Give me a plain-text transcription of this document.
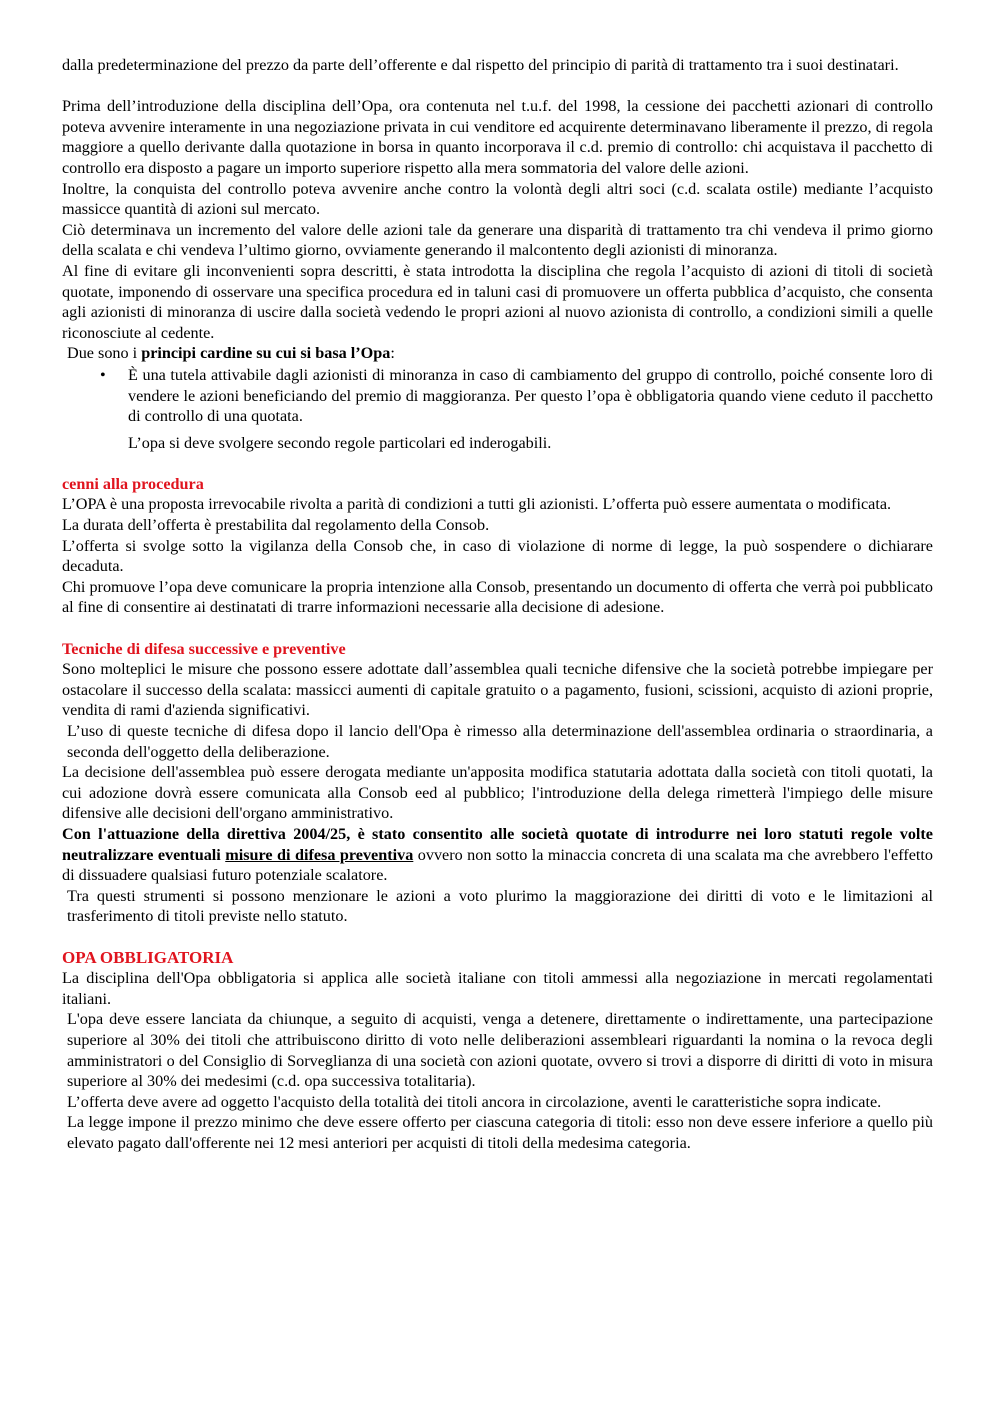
dalla predeterminazione del prezzo da parte dell’offerente e dal rispetto del principio di parità di trattamento tra i suoi destinatari.

Prima dell’introduzione della disciplina dell’Opa, ora contenuta nel t.u.f. del 1998, la cessione dei pacchetti azionari di controllo poteva avvenire interamente in una negoziazione privata in cui venditore ed acquirente determinavano liberamente il prezzo, di regola maggiore a quello derivante dalla quotazione in borsa in quanto incorporava il c.d. premio di controllo: chi acquistava il pacchetto di controllo era disposto a pagare un importo superiore rispetto alla mera sommatoria del valore delle azioni.

Inoltre, la conquista del controllo poteva avvenire anche contro la volontà degli altri soci (c.d. scalata ostile) mediante l’acquisto massicce quantità di azioni sul mercato.

Ciò determinava un incremento del valore delle azioni tale da generare una disparità di trattamento tra chi vendeva il primo giorno della scalata e chi vendeva l’ultimo giorno, ovviamente generando il malcontento degli azionisti di minoranza.

Al fine di evitare gli inconvenienti sopra descritti, è stata introdotta la disciplina che regola l’acquisto di azioni di titoli di società quotate, imponendo di osservare una specifica procedura ed in taluni casi di promuovere un offerta pubblica d’acquisto, che consenta agli azionisti di minoranza di uscire dalla società vedendo le propri azioni al nuovo azionista di controllo, a condizioni simili a quelle riconosciute al cedente.

Due sono i principi cardine su cui si basa l’Opa:

• È una tutela attivabile dagli azionisti di minoranza in caso di cambiamento del gruppo di controllo, poiché consente loro di vendere le azioni beneficiando del premio di maggioranza. Per questo l’opa è obbligatoria quando viene ceduto il pacchetto di controllo di una quotata.

L’opa si deve svolgere secondo regole particolari ed inderogabili.

cenni alla procedura

L’OPA è una proposta irrevocabile rivolta a parità di condizioni a tutti gli azionisti. L’offerta può essere aumentata o modificata.

La durata dell’offerta è prestabilita dal regolamento della Consob.

L’offerta si svolge sotto la vigilanza della Consob che, in caso di violazione di norme di legge, la può sospendere o dichiarare decaduta.

Chi promuove l’opa deve comunicare la propria intenzione alla Consob, presentando un documento di offerta che verrà poi pubblicato al fine di consentire ai destinatati di trarre informazioni necessarie alla decisione di adesione.

Tecniche di difesa successive e preventive

Sono molteplici le misure che possono essere adottate dall’assemblea quali tecniche difensive che la società potrebbe impiegare per ostacolare il successo della scalata: massicci aumenti di capitale gratuito o a pagamento, fusioni, scissioni, acquisto di azioni proprie, vendita di rami d'azienda significativi.

L’uso di queste tecniche di difesa dopo il lancio dell'Opa è rimesso alla determinazione dell'assemblea ordinaria o straordinaria, a seconda dell'oggetto della deliberazione.

La decisione dell'assemblea può essere derogata mediante un'apposita modifica statutaria adottata dalla società con titoli quotati, la cui adozione dovrà essere comunicata alla Consob eed al pubblico; l'introduzione della delega rimetterà l'impiego delle misure difensive alle decisioni dell'organo amministrativo.

Con l'attuazione della direttiva 2004/25, è stato consentito alle società quotate di introdurre nei loro statuti regole volte neutralizzare eventuali misure di difesa preventiva ovvero non sotto la minaccia concreta di una scalata ma che avrebbero l'effetto di dissuadere qualsiasi futuro potenziale scalatore.

Tra questi strumenti si possono menzionare le azioni a voto plurimo la maggiorazione dei diritti di voto e le limitazioni al trasferimento di titoli previste nello statuto.

OPA OBBLIGATORIA

La disciplina dell'Opa obbligatoria si applica alle società italiane con titoli ammessi alla negoziazione in mercati regolamentati italiani.

L'opa deve essere lanciata da chiunque, a seguito di acquisti, venga a detenere, direttamente o indirettamente, una partecipazione superiore al 30% dei titoli che attribuiscono diritto di voto nelle deliberazioni assembleari riguardanti la nomina o la revoca degli amministratori o del Consiglio di Sorveglianza di una società con azioni quotate, ovvero si trovi a disporre di diritti di voto in misura superiore al 30% dei medesimi (c.d. opa successiva totalitaria).

L’offerta deve avere ad oggetto l'acquisto della totalità dei titoli ancora in circolazione, aventi le caratteristiche sopra indicate.

La legge impone il prezzo minimo che deve essere offerto per ciascuna categoria di titoli: esso non deve essere inferiore a quello più elevato pagato dall'offerente nei 12 mesi anteriori per acquisti di titoli della medesima categoria.
